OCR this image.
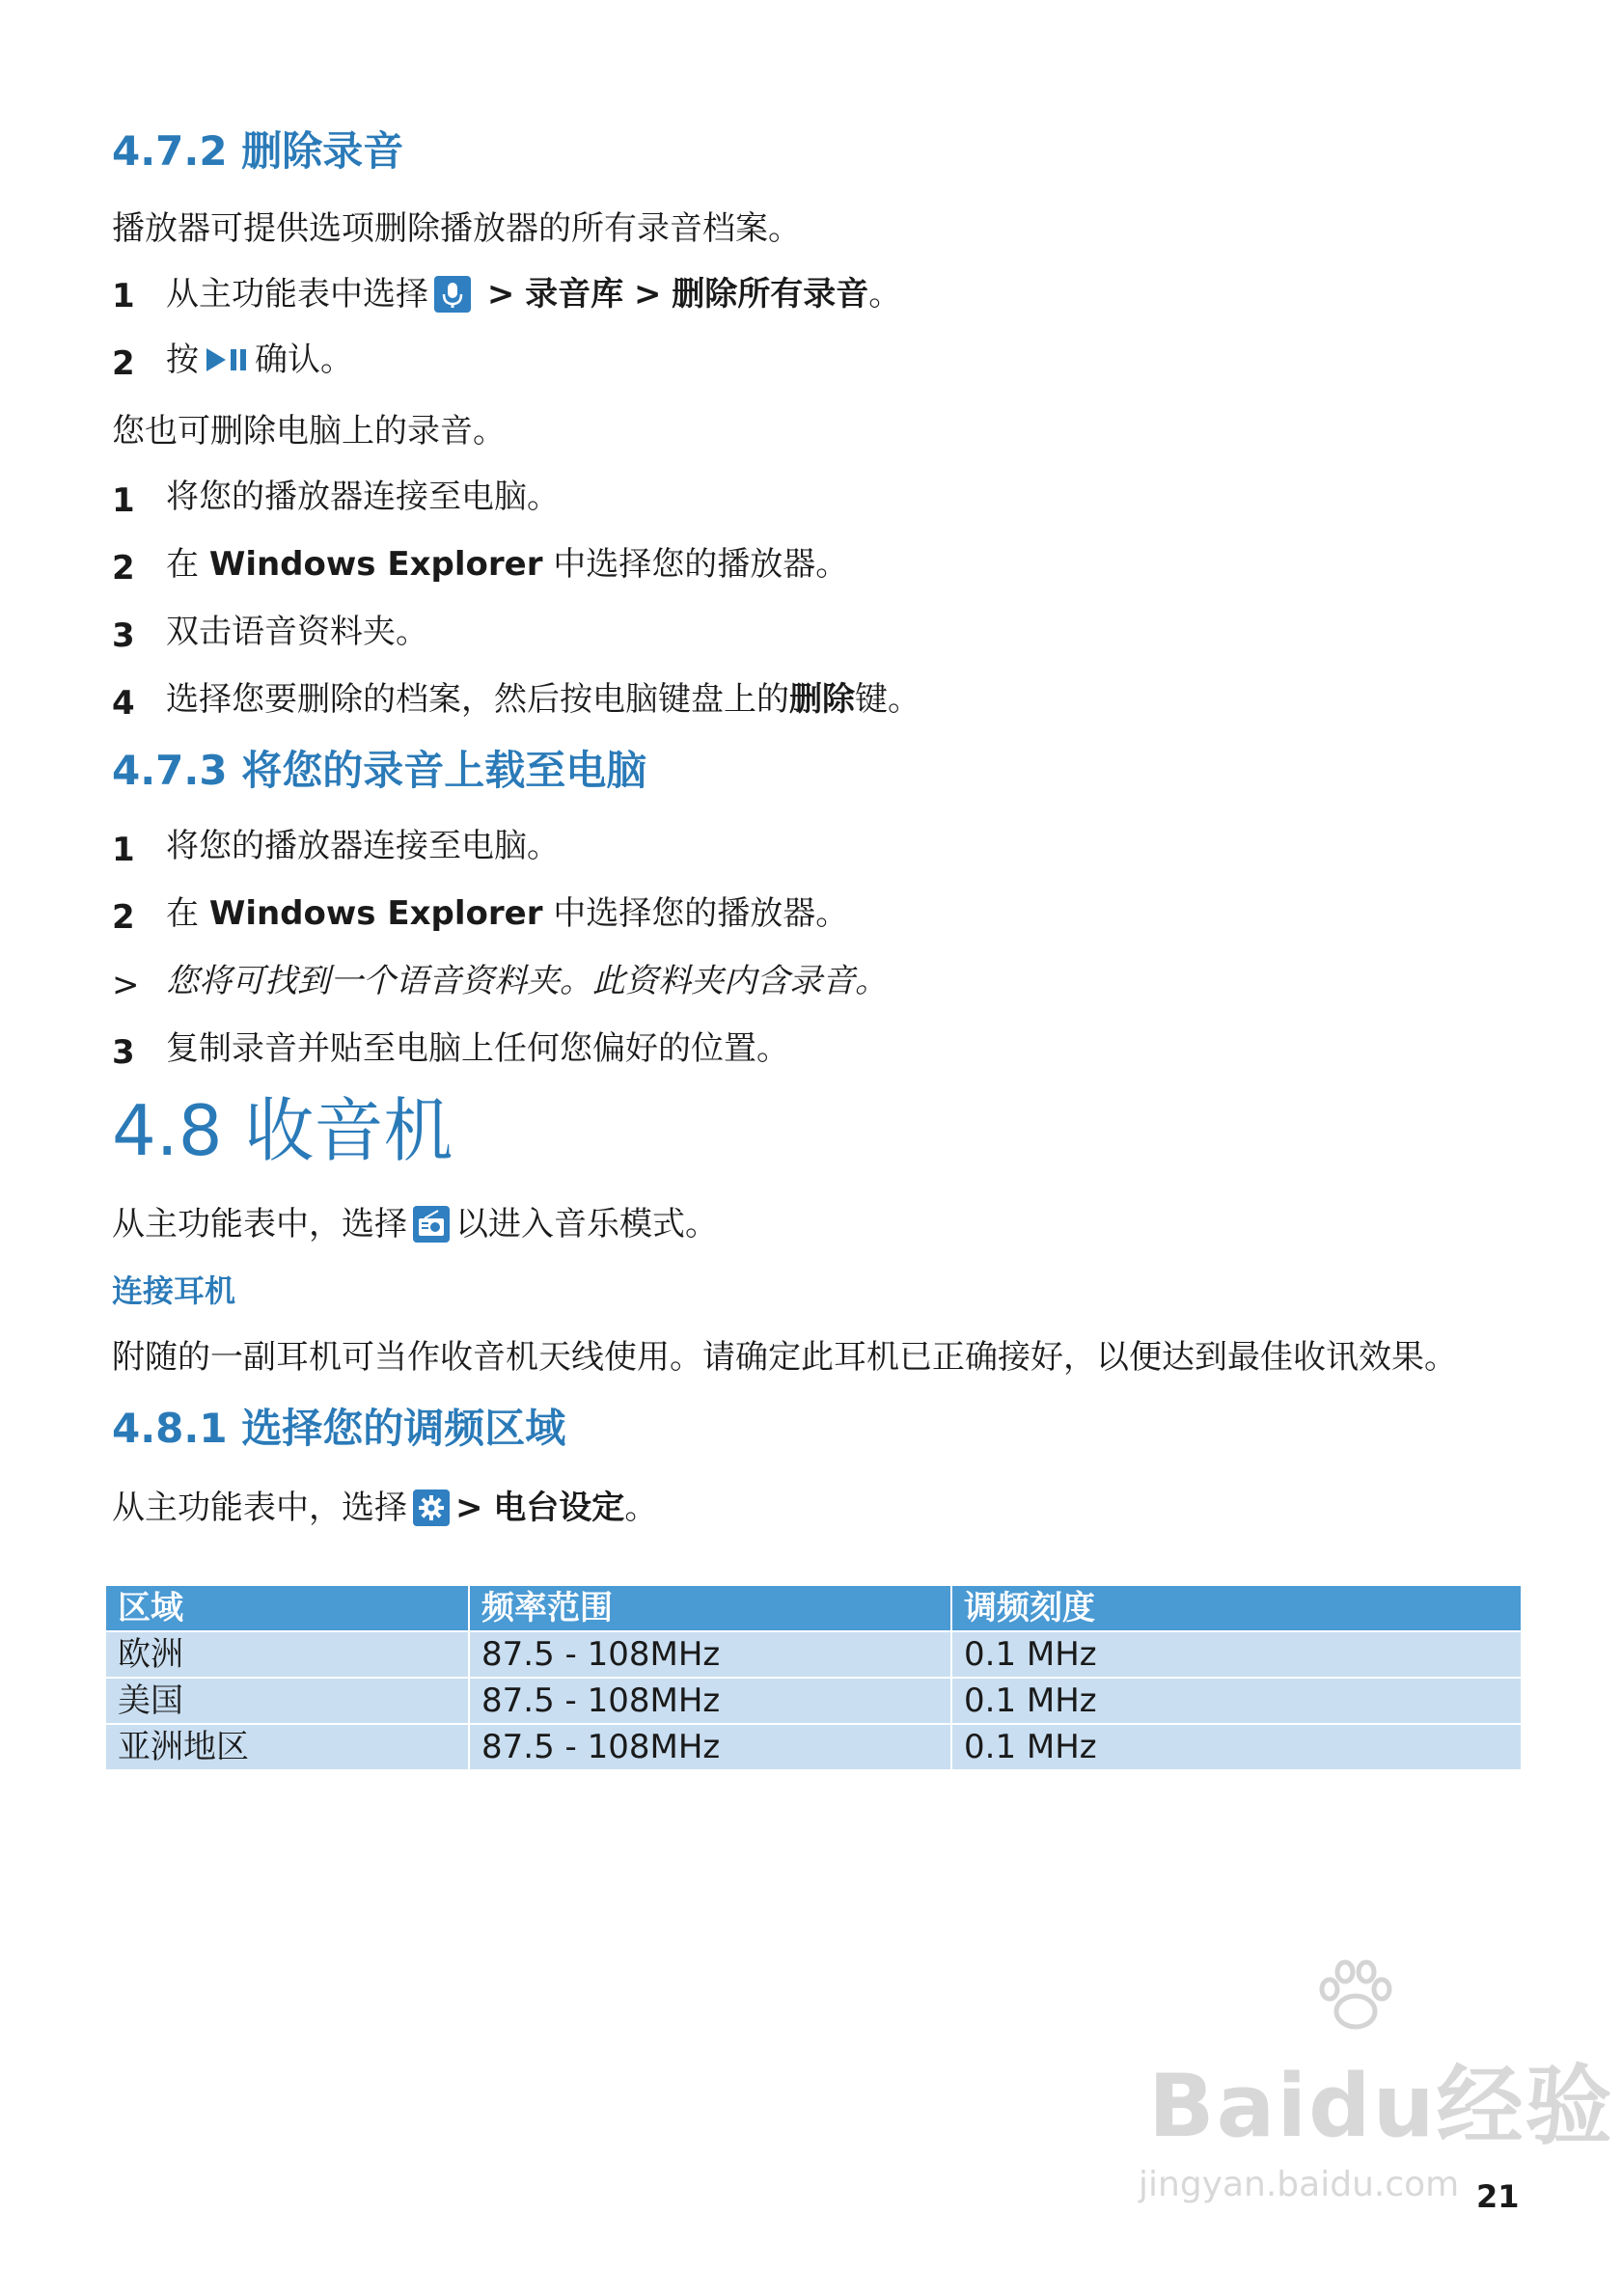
4.7.2 删除录音
播放器可提供选项删除播放器的所有录音档案。
1 从主功能表中选择 > 录音库 > 删除所有录音。
2 按 确认。
您也可删除电脑上的录音。
1 将您的播放器连接至电脑。
2 在 Windows Explorer 中选择您的播放器。
3 双击语音资料夹。
4 选择您要删除的档案，然后按电脑键盘上的删除键。
4.7.3 将您的录音上载至电脑
1 将您的播放器连接至电脑。
2 在 Windows Explorer 中选择您的播放器。
> 您将可找到一个语音资料夹。此资料夹内含录音。
3 复制录音并贴至电脑上任何您偏好的位置。
4.8 收音机
从主功能表中，选择 以进入音乐模式。
连接耳机
附随的一副耳机可当作收音机天线使用。请确定此耳机已正确接好，以便达到最佳收讯效果。
4.8.1 选择您的调频区域
从主功能表中，选择 > 电台设定。
区域	频率范围	调频刻度
欧洲	87.5 - 108MHz	0.1 MHz
美国	87.5 - 108MHz	0.1 MHz
亚洲地区	87.5 - 108MHz	0.1 MHz
Baidu经验
jingyan.baidu.com 21
